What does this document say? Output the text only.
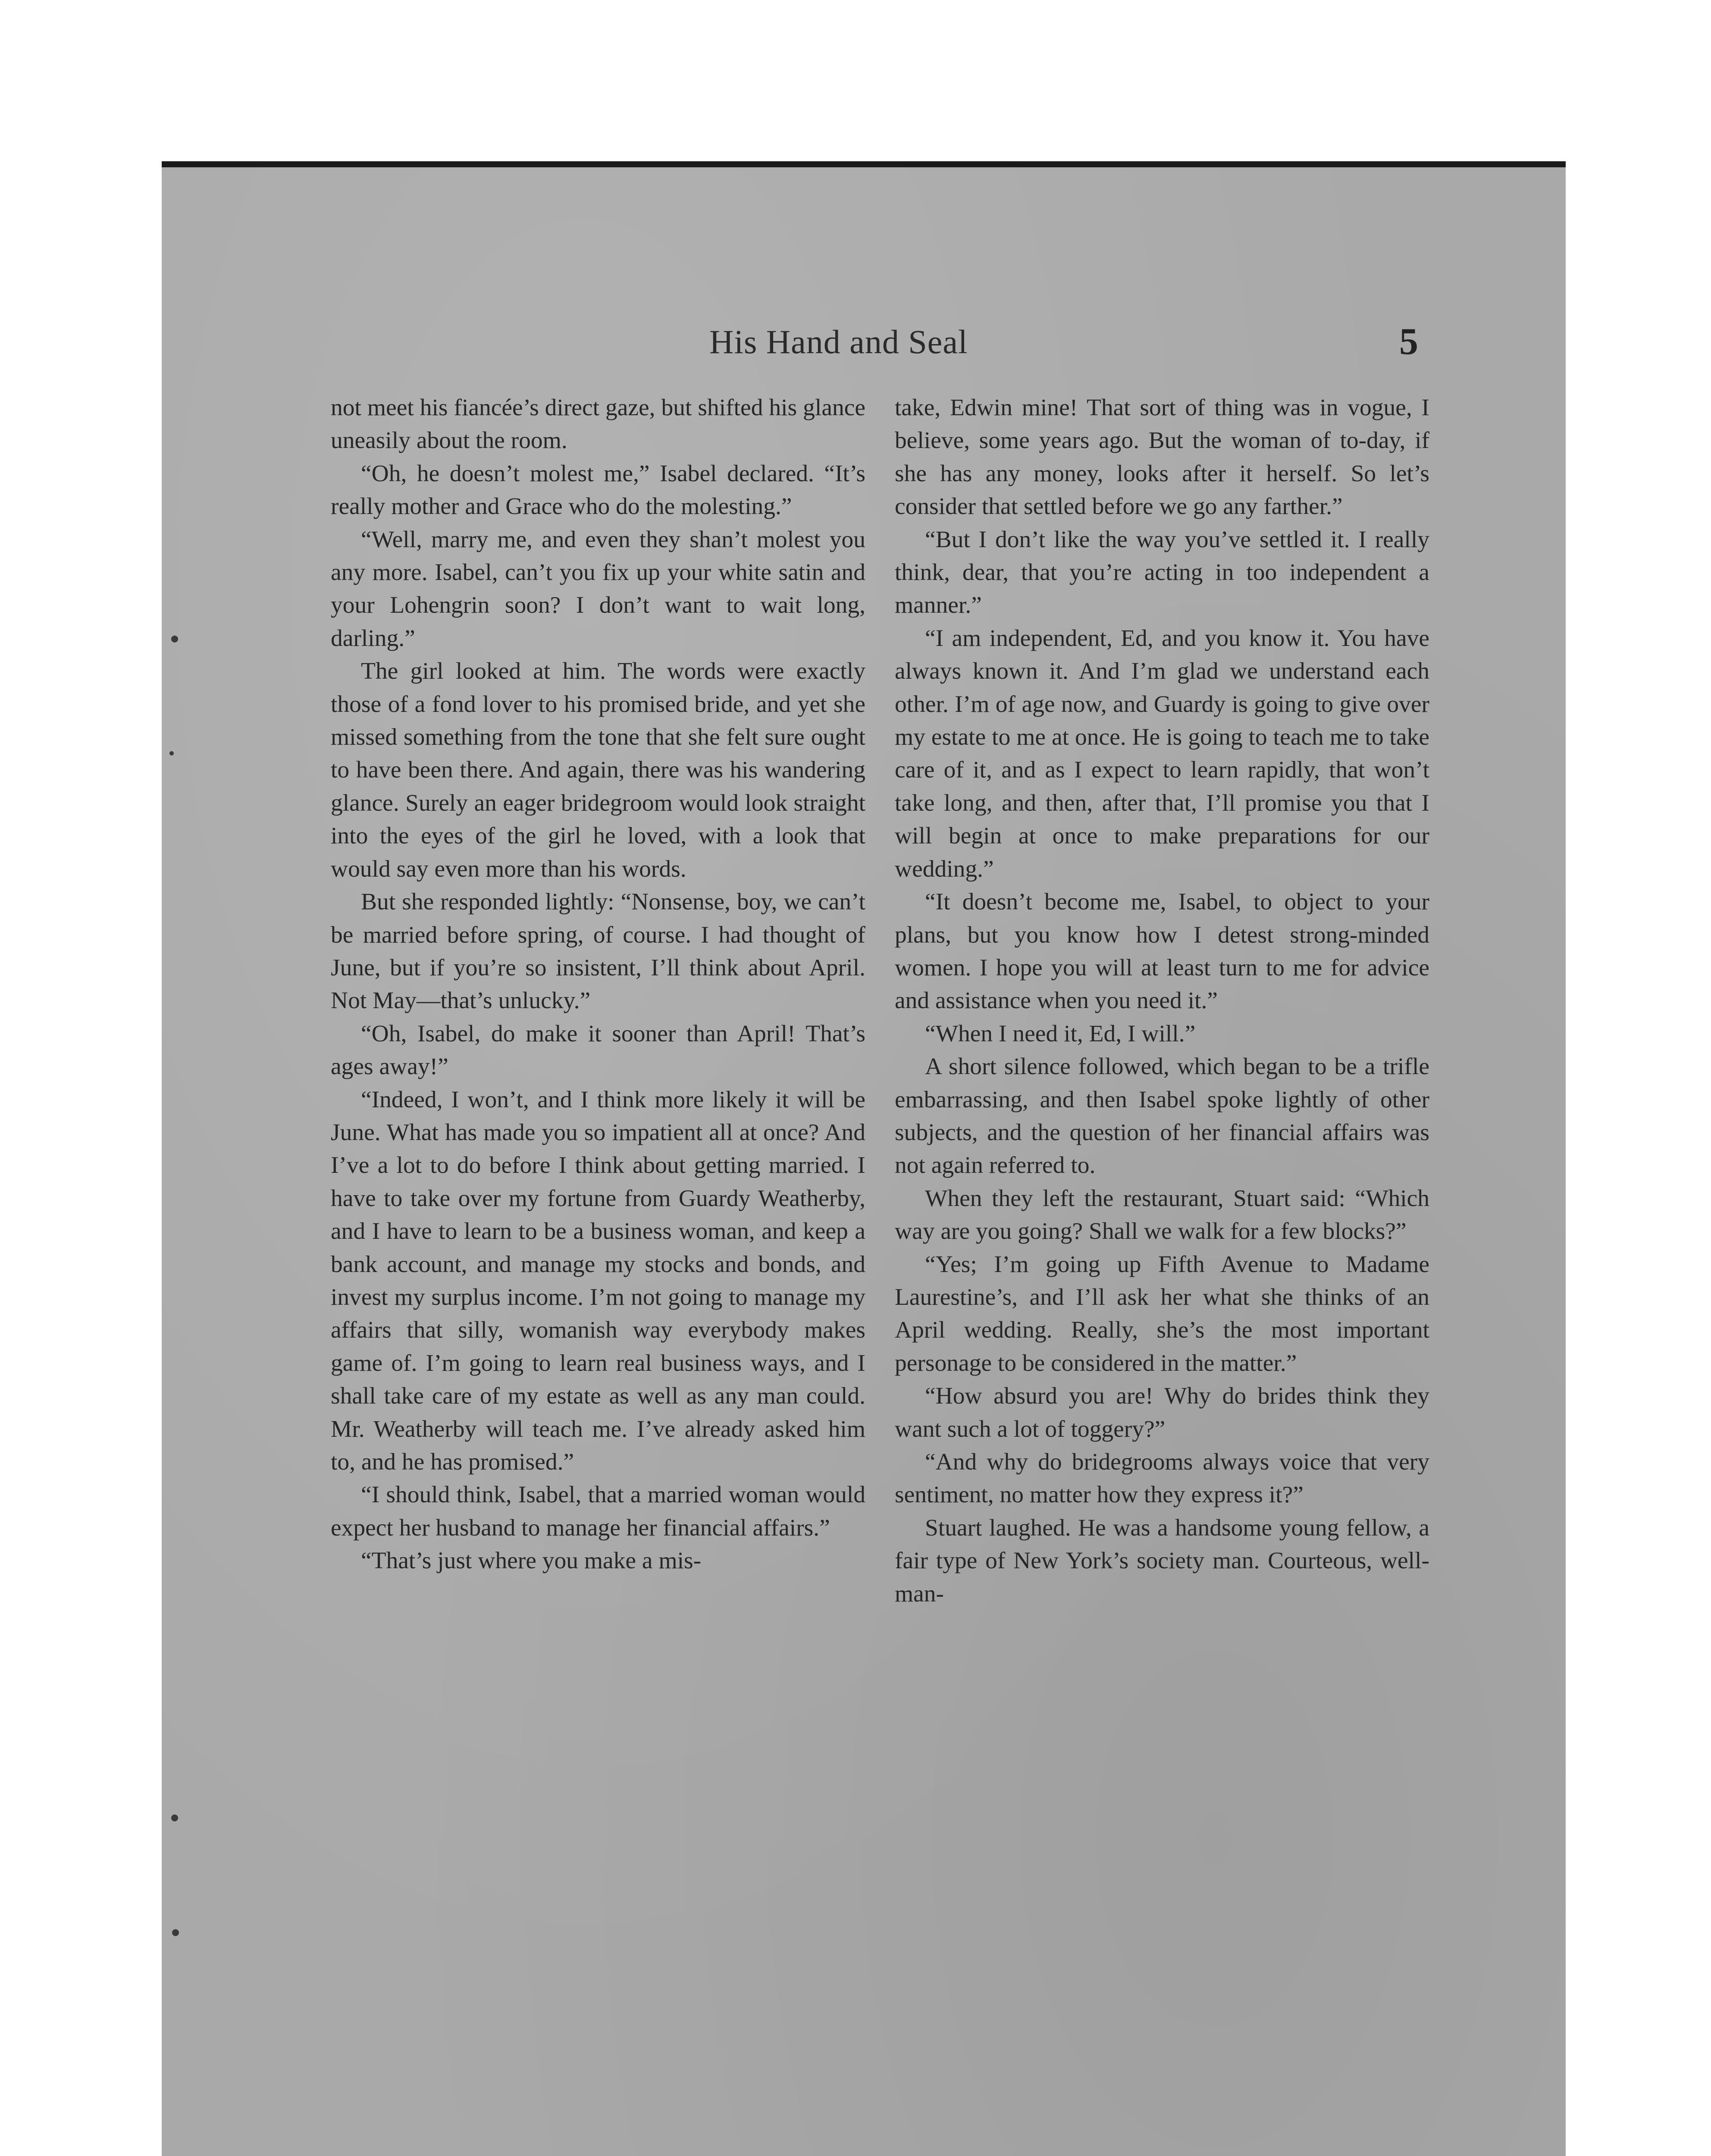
His Hand and Seal	5

not meet his fiancée’s direct gaze, but shifted his glance uneasily about the room.

“Oh, he doesn’t molest me,” Isabel declared. “It’s really mother and Grace who do the molesting.”

“Well, marry me, and even they shan’t molest you any more. Isabel, can’t you fix up your white satin and your Lohengrin soon? I don’t want to wait long, darling.”

The girl looked at him. The words were exactly those of a fond lover to his promised bride, and yet she missed something from the tone that she felt sure ought to have been there. And again, there was his wandering glance. Surely an eager bridegroom would look straight into the eyes of the girl he loved, with a look that would say even more than his words.

But she responded lightly: “Nonsense, boy, we can’t be married before spring, of course. I had thought of June, but if you’re so insistent, I’ll think about April. Not May—that’s unlucky.”

“Oh, Isabel, do make it sooner than April! That’s ages away!”

“Indeed, I won’t, and I think more likely it will be June. What has made you so impatient all at once? And I’ve a lot to do before I think about getting married. I have to take over my fortune from Guardy Weatherby, and I have to learn to be a business woman, and keep a bank account, and manage my stocks and bonds, and invest my surplus income. I’m not going to manage my affairs that silly, womanish way everybody makes game of. I’m going to learn real business ways, and I shall take care of my estate as well as any man could. Mr. Weatherby will teach me. I’ve already asked him to, and he has promised.”

“I should think, Isabel, that a married woman would expect her husband to manage her financial affairs.”

“That’s just where you make a mis-

take, Edwin mine! That sort of thing was in vogue, I believe, some years ago. But the woman of to-day, if she has any money, looks after it herself. So let’s consider that settled before we go any farther.”

“But I don’t like the way you’ve settled it. I really think, dear, that you’re acting in too independent a manner.”

“I am independent, Ed, and you know it. You have always known it. And I’m glad we understand each other. I’m of age now, and Guardy is going to give over my estate to me at once. He is going to teach me to take care of it, and as I expect to learn rapidly, that won’t take long, and then, after that, I’ll promise you that I will begin at once to make preparations for our wedding.”

“It doesn’t become me, Isabel, to object to your plans, but you know how I detest strong-minded women. I hope you will at least turn to me for advice and assistance when you need it.”

“When I need it, Ed, I will.”

A short silence followed, which began to be a trifle embarrassing, and then Isabel spoke lightly of other subjects, and the question of her financial affairs was not again referred to.

When they left the restaurant, Stuart said: “Which way are you going? Shall we walk for a few blocks?”

“Yes; I’m going up Fifth Avenue to Madame Laurestine’s, and I’ll ask her what she thinks of an April wedding. Really, she’s the most important personage to be considered in the matter.”

“How absurd you are! Why do brides think they want such a lot of toggery?”

“And why do bridegrooms always voice that very sentiment, no matter how they express it?”

Stuart laughed. He was a handsome young fellow, a fair type of New York’s society man. Courteous, well-man-
